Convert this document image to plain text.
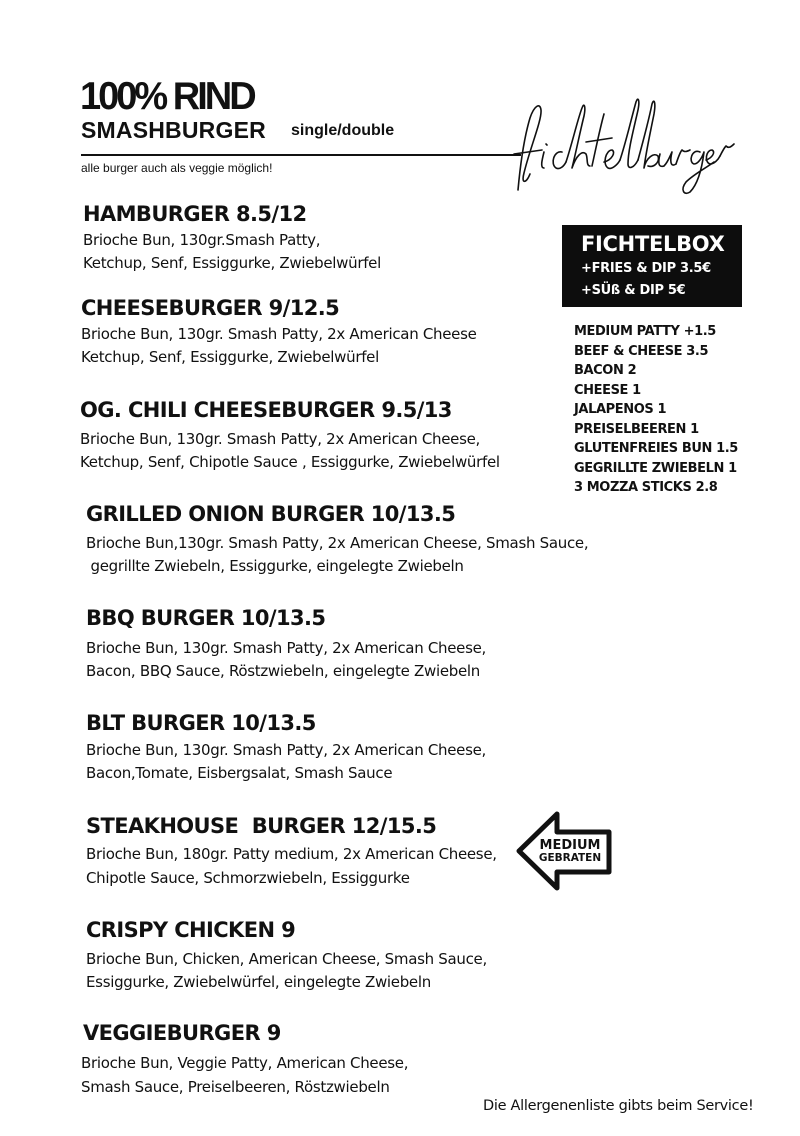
100% RIND
SMASHBURGER single/double
alle burger auch als veggie möglich!
HAMBURGER 8.5/12
Brioche Bun, 130gr.Smash Patty,
Ketchup, Senf, Essiggurke, Zwiebelwürfel
CHEESEBURGER 9/12.5
Brioche Bun, 130gr. Smash Patty, 2x American Cheese
Ketchup, Senf, Essiggurke, Zwiebelwürfel
OG. CHILI CHEESEBURGER 9.5/13
Brioche Bun, 130gr. Smash Patty, 2x American Cheese,
Ketchup, Senf, Chipotle Sauce , Essiggurke, Zwiebelwürfel
GRILLED ONION BURGER 10/13.5
Brioche Bun,130gr. Smash Patty, 2x American Cheese, Smash Sauce,
gegrillte Zwiebeln, Essiggurke, eingelegte Zwiebeln
BBQ BURGER 10/13.5
Brioche Bun, 130gr. Smash Patty, 2x American Cheese,
Bacon, BBQ Sauce, Röstzwiebeln, eingelegte Zwiebeln
BLT BURGER 10/13.5
Brioche Bun, 130gr. Smash Patty, 2x American Cheese,
Bacon,Tomate, Eisbergsalat, Smash Sauce
STEAKHOUSE  BURGER 12/15.5
Brioche Bun, 180gr. Patty medium, 2x American Cheese,
Chipotle Sauce, Schmorzwiebeln, Essiggurke
CRISPY CHICKEN 9
Brioche Bun, Chicken, American Cheese, Smash Sauce,
Essiggurke, Zwiebelwürfel, eingelegte Zwiebeln
VEGGIEBURGER 9
Brioche Bun, Veggie Patty, American Cheese,
Smash Sauce, Preiselbeeren, Röstzwiebeln
FICHTELBOX
+FRIES & DIP 3.5€
+SÜß & DIP 5€
MEDIUM PATTY +1.5
BEEF & CHEESE 3.5
BACON 2
CHEESE 1
JALAPENOS 1
PREISELBEEREN 1
GLUTENFREIES BUN 1.5
GEGRILLTE ZWIEBELN 1
3 MOZZA STICKS 2.8
MEDIUM
GEBRATEN
Die Allergenenliste gibts beim Service!
